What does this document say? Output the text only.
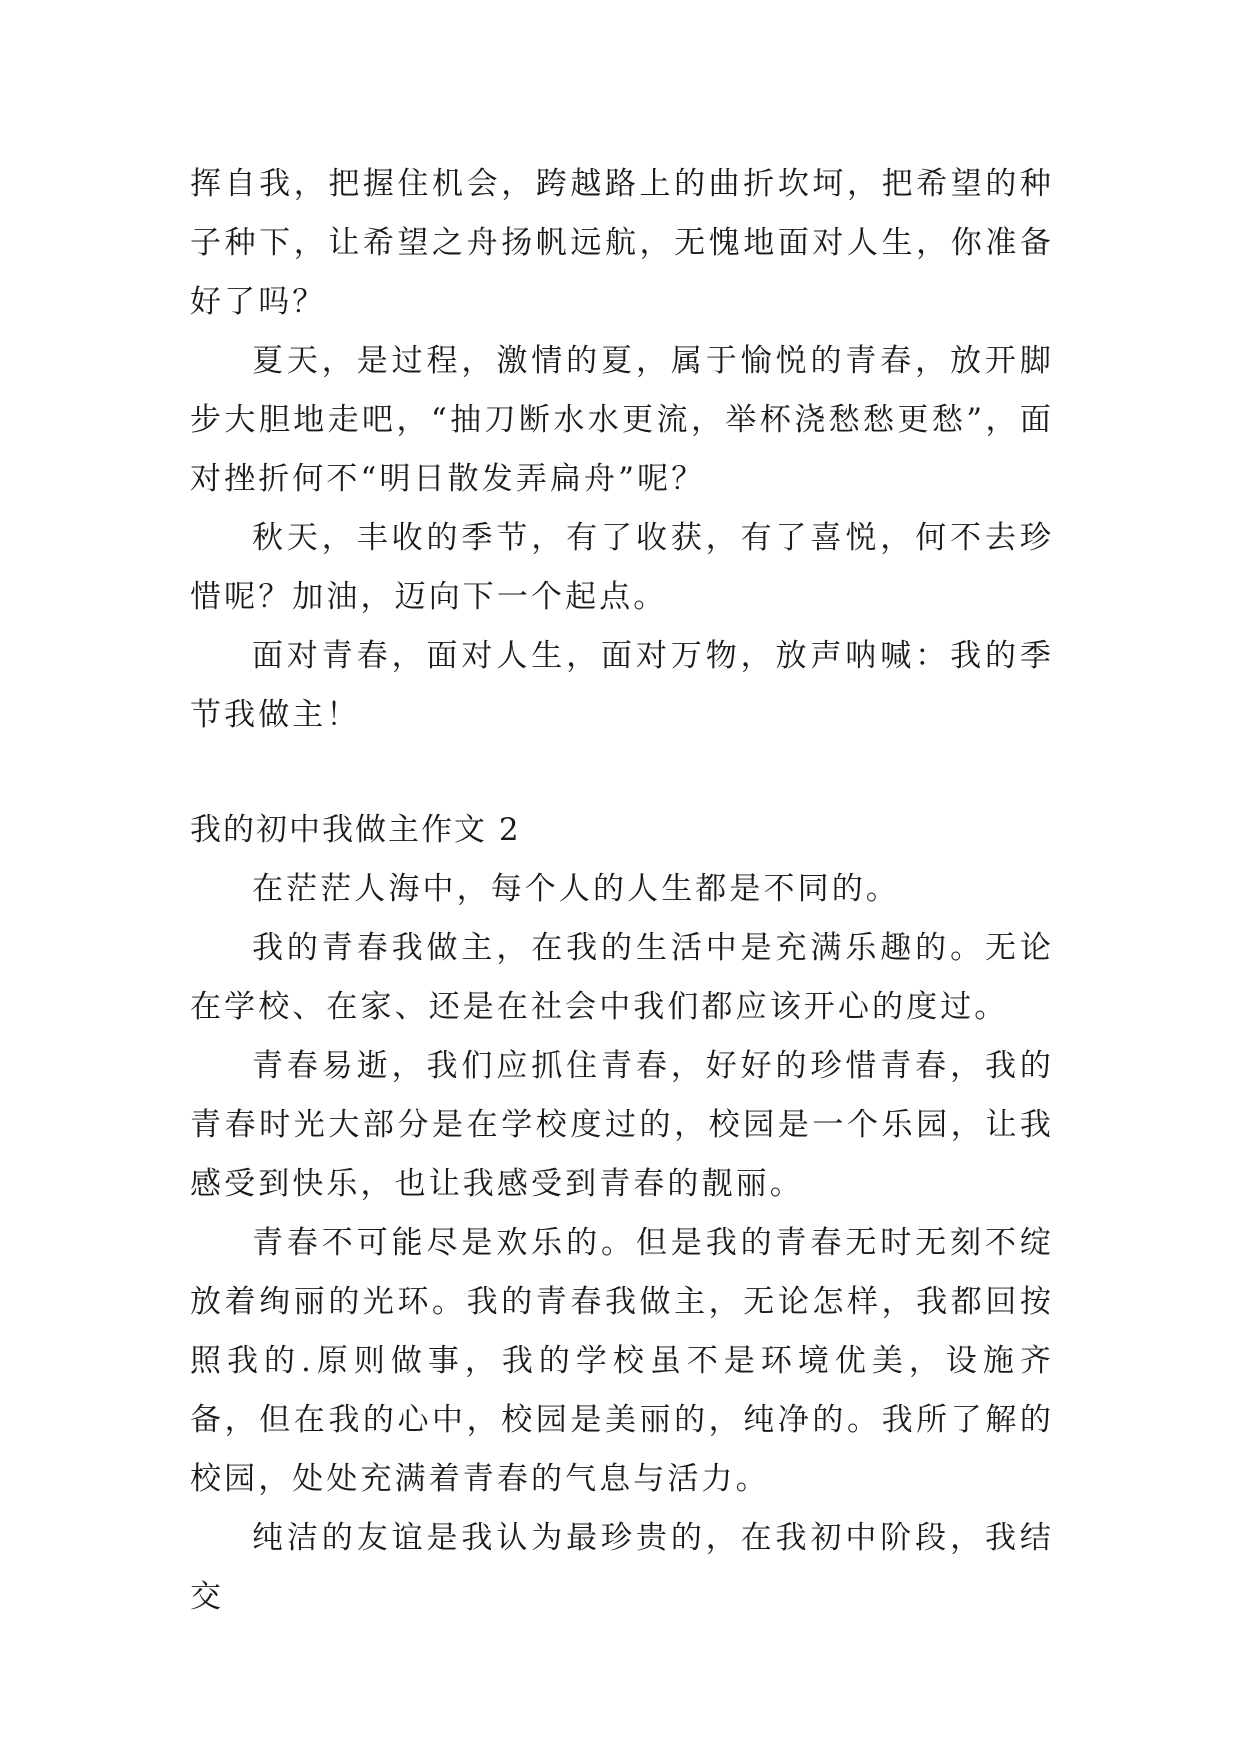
挥自我，把握住机会，跨越路上的曲折坎坷，把希望的种子种下，让希望之舟扬帆远航，无愧地面对人生，你准备好了吗？

夏天，是过程，激情的夏，属于愉悦的青春，放开脚步大胆地走吧，“抽刀断水水更流，举杯浇愁愁更愁”，面对挫折何不“明日散发弄扁舟”呢？

秋天，丰收的季节，有了收获，有了喜悦，何不去珍惜呢？加油，迈向下一个起点。

面对青春，面对人生，面对万物，放声呐喊：我的季节我做主！

我的初中我做主作文 2

在茫茫人海中，每个人的人生都是不同的。

我的青春我做主，在我的生活中是充满乐趣的。无论在学校、在家、还是在社会中我们都应该开心的度过。

青春易逝，我们应抓住青春，好好的珍惜青春，我的青春时光大部分是在学校度过的，校园是一个乐园，让我感受到快乐，也让我感受到青春的靓丽。

青春不可能尽是欢乐的。但是我的青春无时无刻不绽放着绚丽的光环。我的青春我做主，无论怎样，我都回按照我的.原则做事，我的学校虽不是环境优美，设施齐备，但在我的心中，校园是美丽的，纯净的。我所了解的校园，处处充满着青春的气息与活力。

纯洁的友谊是我认为最珍贵的，在我初中阶段，我结交
